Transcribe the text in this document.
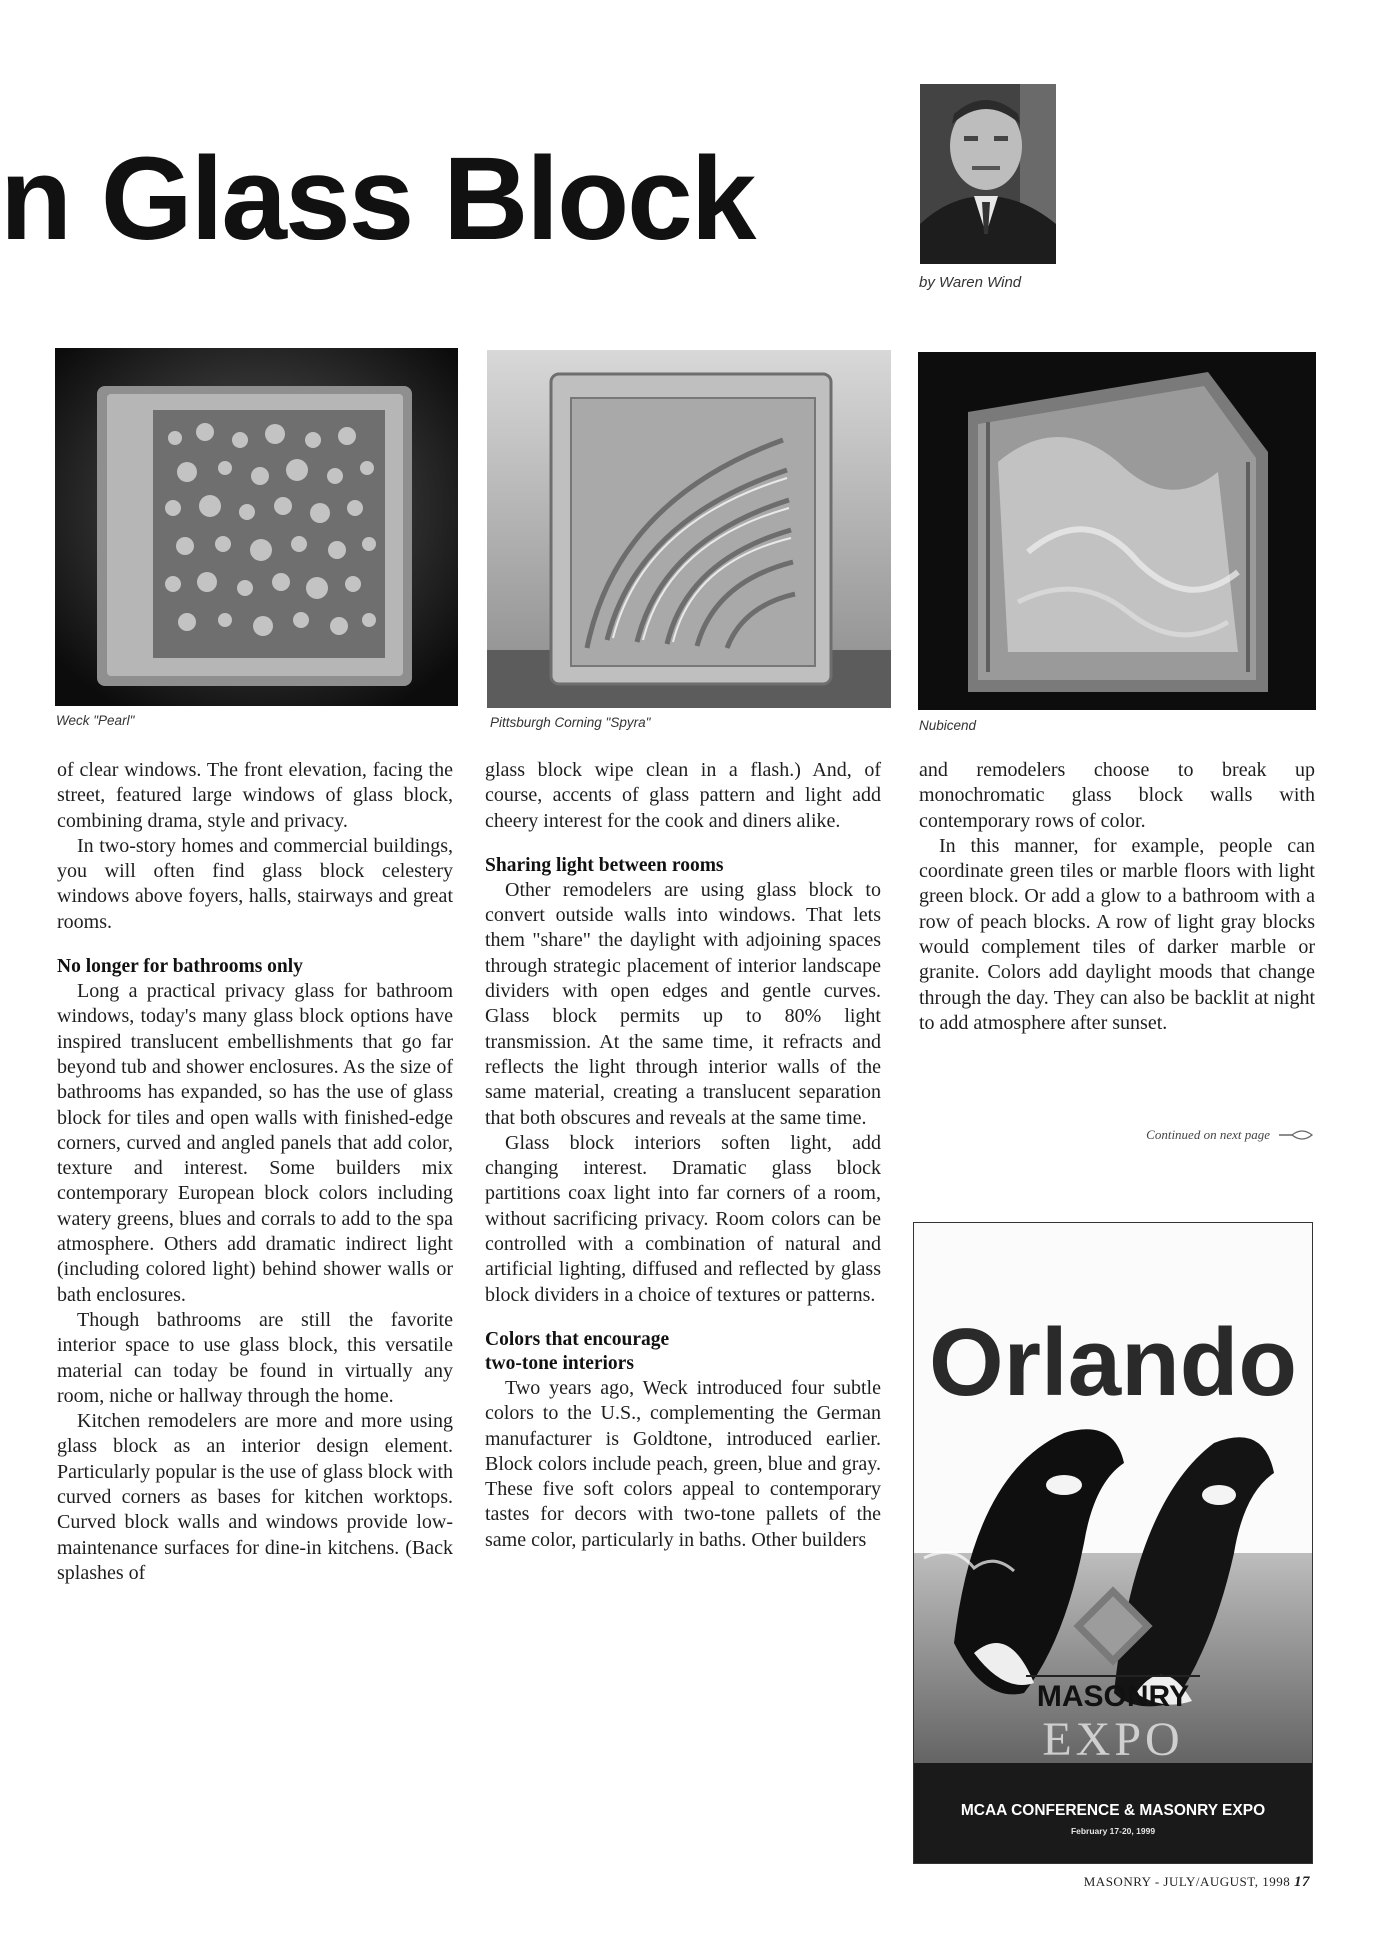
n Glass Block
by Waren Wind
Weck "Pearl"	Pittsburgh Corning "Spyra"	Nubicend

of clear windows. The front elevation, facing the street, featured large windows of glass block, combining drama, style and privacy.

In two-story homes and commercial buildings, you will often find glass block celestery windows above foyers, halls, stairways and great rooms.

No longer for bathrooms only

Long a practical privacy glass for bathroom windows, today's many glass block options have inspired translucent embellishments that go far beyond tub and shower enclosures. As the size of bathrooms has expanded, so has the use of glass block for tiles and open walls with finished-edge corners, curved and angled panels that add color, texture and interest. Some builders mix contemporary European block colors including watery greens, blues and corrals to add to the spa atmosphere. Others add dramatic indirect light (including colored light) behind shower walls or bath enclosures.

Though bathrooms are still the favorite interior space to use glass block, this versatile material can today be found in virtually any room, niche or hallway through the home.

Kitchen remodelers are more and more using glass block as an interior design element. Particularly popular is the use of glass block with curved corners as bases for kitchen worktops. Curved block walls and windows provide low-maintenance surfaces for dine-in kitchens. (Back splashes of

glass block wipe clean in a flash.) And, of course, accents of glass pattern and light add cheery interest for the cook and diners alike.

Sharing light between rooms

Other remodelers are using glass block to convert outside walls into windows. That lets them "share" the daylight with adjoining spaces through strategic placement of interior landscape dividers with open edges and gentle curves. Glass block permits up to 80% light transmission. At the same time, it refracts and reflects the light through interior walls of the same material, creating a translucent separation that both obscures and reveals at the same time.

Glass block interiors soften light, add changing interest. Dramatic glass block partitions coax light into far corners of a room, without sacrificing privacy. Room colors can be controlled with a combination of natural and artificial lighting, diffused and reflected by glass block dividers in a choice of textures or patterns.

Colors that encourage
two-tone interiors

Two years ago, Weck introduced four subtle colors to the U.S., complementing the German manufacturer is Goldtone, introduced earlier. Block colors include peach, green, blue and gray. These five soft colors appeal to contemporary tastes for decors with two-tone pallets of the same color, particularly in baths. Other builders

and remodelers choose to break up monochromatic glass block walls with contemporary rows of color.

In this manner, for example, people can coordinate green tiles or marble floors with light green block. Or add a glow to a bathroom with a row of peach blocks. A row of light gray blocks would complement tiles of darker marble or granite. Colors add daylight moods that change through the day. They can also be backlit at night to add atmosphere after sunset.

Continued on next page
Orlando
MASONRY
EXPO
MCAA CONFERENCE & MASONRY EXPO
February 17-20, 1999
MASONRY - JULY/AUGUST, 1998 17
